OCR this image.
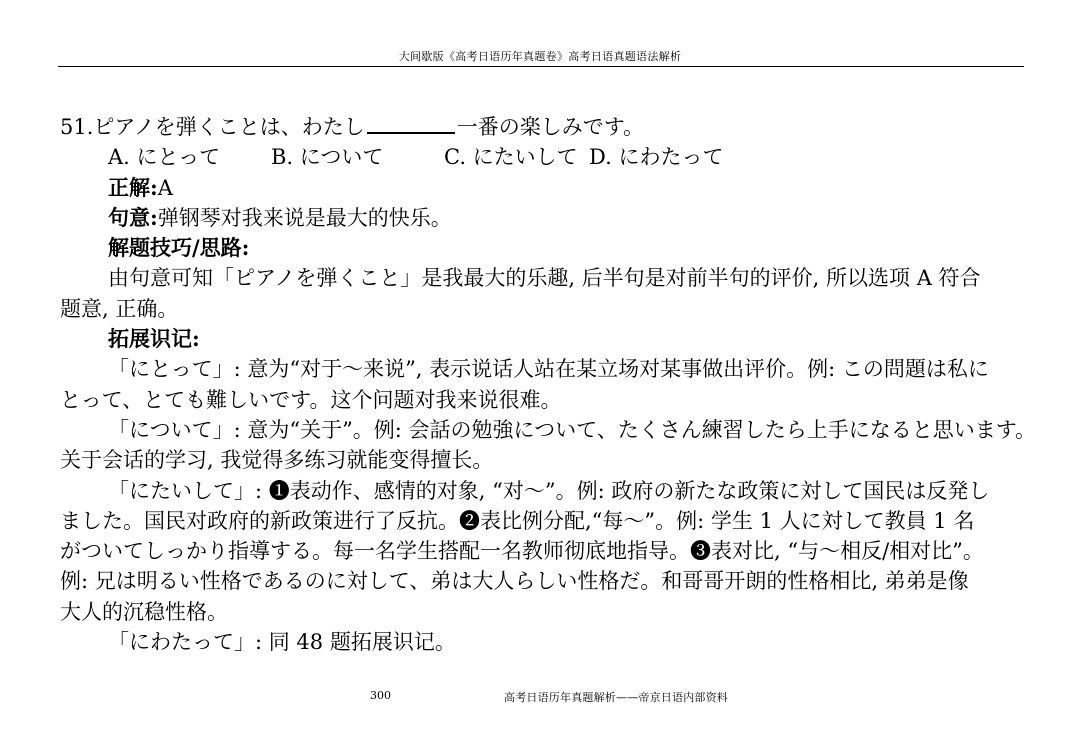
大间歇版《高考日语历年真题卷》高考日语真题语法解析
51.ピアノを弾くことは、わたし	一番の楽しみです。
A. にとって B. について	C. にたいして D. にわたって
正解:A
句意:弹钢琴对我来说是最大的快乐。
解题技巧/思路:
由句意可知「ピアノを弾くこと」是我最大的乐趣, 后半句是对前半句的评价, 所以选项 A 符合
题意, 正确。
拓展识记:
「にとって」: 意为“对于～来说”, 表示说话人站在某立场对某事做出评价。例: この問題は私に
とって、とても難しいです。这个问题对我来说很难。
「について」: 意为“关于”。例: 会話の勉強について、たくさん練習したら上手になると思います。
关于会话的学习, 我觉得多练习就能变得擅长。
「にたいして」: ❶表动作、感情的对象, “对～”。例: 政府の新たな政策に対して国民は反発し
ました。国民对政府的新政策进行了反抗。❷表比例分配,“每～”。例: 学生 1 人に対して教員 1 名
がついてしっかり指導する。每一名学生搭配一名教师彻底地指导。❸表对比, “与～相反/相对比”。
例: 兄は明るい性格であるのに対して、弟は大人らしい性格だ。和哥哥开朗的性格相比, 弟弟是像
大人的沉稳性格。
「にわたって」: 同 48 题拓展识记。
300	高考日语历年真题解析——帝京日语内部资料
